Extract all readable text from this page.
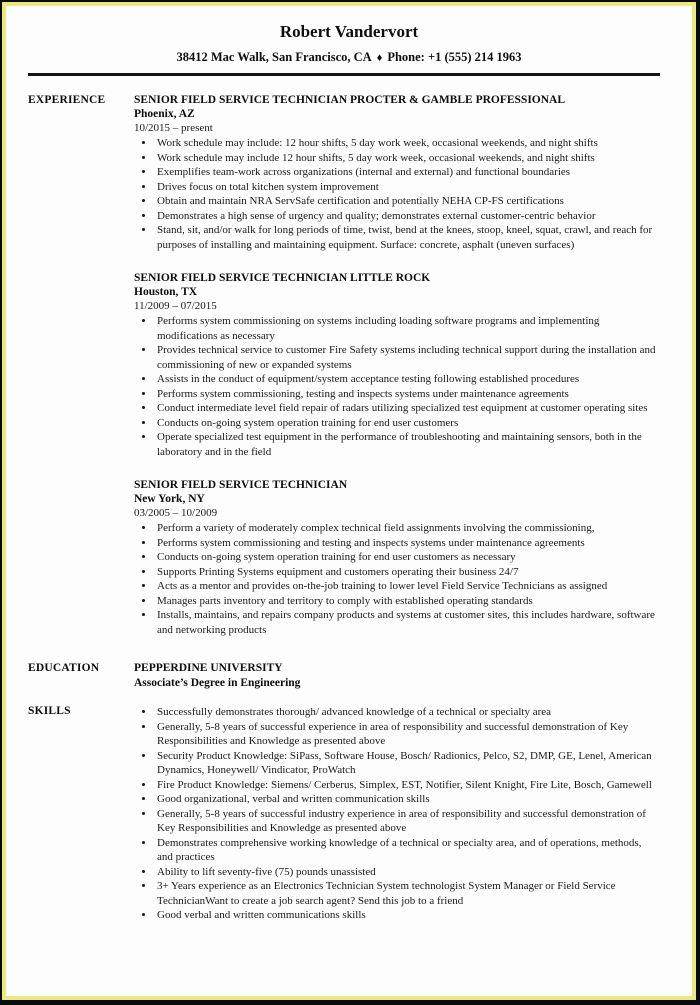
Robert Vandervort
38412 Mac Walk, San Francisco, CA ♦ Phone: +1 (555) 214 1963
EXPERIENCE	SENIOR FIELD SERVICE TECHNICIAN PROCTER & GAMBLE PROFESSIONAL
Phoenix, AZ
10/2015 – present
• Work schedule may include: 12 hour shifts, 5 day work week, occasional weekends, and night shifts
• Work schedule may include 12 hour shifts, 5 day work week, occasional weekends, and night shifts
• Exemplifies team-work across organizations (internal and external) and functional boundaries
• Drives focus on total kitchen system improvement
• Obtain and maintain NRA ServSafe certification and potentially NEHA CP-FS certifications
• Demonstrates a high sense of urgency and quality; demonstrates external customer-centric behavior
• Stand, sit, and/or walk for long periods of time, twist, bend at the knees, stoop, kneel, squat, crawl, and reach for purposes of installing and maintaining equipment. Surface: concrete, asphalt (uneven surfaces)
SENIOR FIELD SERVICE TECHNICIAN LITTLE ROCK
Houston, TX
11/2009 – 07/2015
• Performs system commissioning on systems including loading software programs and implementing modifications as necessary
• Provides technical service to customer Fire Safety systems including technical support during the installation and commissioning of new or expanded systems
• Assists in the conduct of equipment/system acceptance testing following established procedures
• Performs system commissioning, testing and inspects systems under maintenance agreements
• Conduct intermediate level field repair of radars utilizing specialized test equipment at customer operating sites
• Conducts on-going system operation training for end user customers
• Operate specialized test equipment in the performance of troubleshooting and maintaining sensors, both in the laboratory and in the field
SENIOR FIELD SERVICE TECHNICIAN
New York, NY
03/2005 – 10/2009
• Perform a variety of moderately complex technical field assignments involving the commissioning,
• Performs system commissioning and testing and inspects systems under maintenance agreements
• Conducts on-going system operation training for end user customers as necessary
• Supports Printing Systems equipment and customers operating their business 24/7
• Acts as a mentor and provides on-the-job training to lower level Field Service Technicians as assigned
• Manages parts inventory and territory to comply with established operating standards
• Installs, maintains, and repairs company products and systems at customer sites, this includes hardware, software and networking products
EDUCATION	PEPPERDINE UNIVERSITY
Associate’s Degree in Engineering
SKILLS	• Successfully demonstrates thorough/ advanced knowledge of a technical or specialty area
• Generally, 5-8 years of successful experience in area of responsibility and successful demonstration of Key Responsibilities and Knowledge as presented above
• Security Product Knowledge: SiPass, Software House, Bosch/ Radionics, Pelco, S2, DMP, GE, Lenel, American Dynamics, Honeywell/ Vindicator, ProWatch
• Fire Product Knowledge: Siemens/ Cerberus, Simplex, EST, Notifier, Silent Knight, Fire Lite, Bosch, Gamewell
• Good organizational, verbal and written communication skills
• Generally, 5-8 years of successful industry experience in area of responsibility and successful demonstration of Key Responsibilities and Knowledge as presented above
• Demonstrates comprehensive working knowledge of a technical or specialty area, and of operations, methods, and practices
• Ability to lift seventy-five (75) pounds unassisted
• 3+ Years experience as an Electronics Technician System technologist System Manager or Field Service TechnicianWant to create a job search agent? Send this job to a friend
• Good verbal and written communications skills
